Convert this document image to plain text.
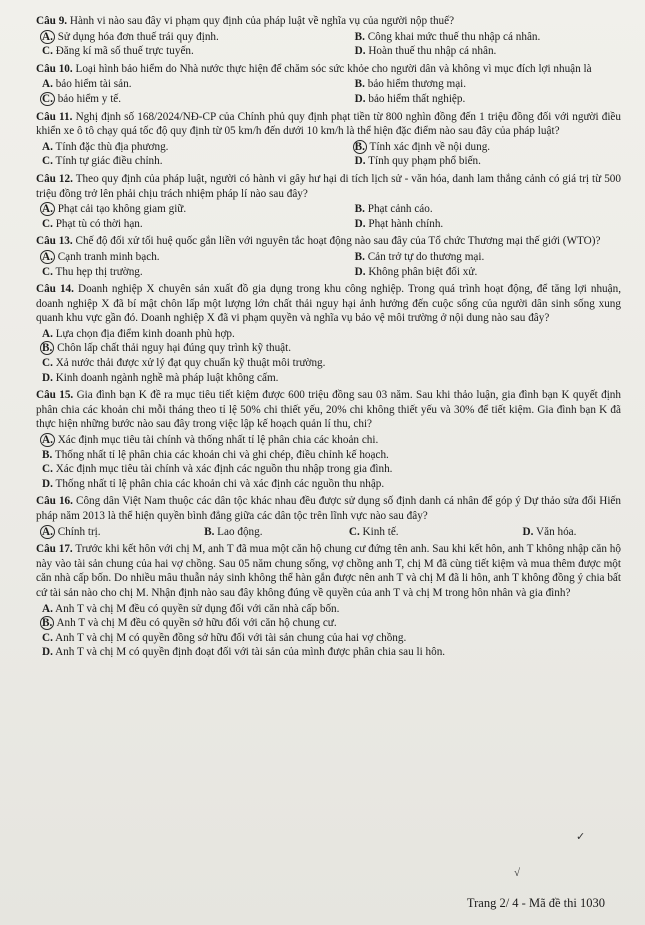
Câu 9. Hành vi nào sau đây vi phạm quy định của pháp luật về nghĩa vụ của người nộp thuế?
A. Sử dụng hóa đơn thuế trái quy định.	B. Công khai mức thuế thu nhập cá nhân.
C. Đăng kí mã số thuế trực tuyến.	D. Hoàn thuế thu nhập cá nhân.
Câu 10. Loại hình bảo hiểm do Nhà nước thực hiện để chăm sóc sức khỏe cho người dân và không vì mục đích lợi nhuận là
A. bảo hiểm tài sản.	B. bảo hiểm thương mại.
C. bảo hiểm y tế.	D. bảo hiểm thất nghiệp.
Câu 11. Nghị định số 168/2024/NĐ-CP của Chính phủ quy định phạt tiền từ 800 nghìn đồng đến 1 triệu đồng đối với người điều khiển xe ô tô chạy quá tốc độ quy định từ 05 km/h đến dưới 10 km/h là thể hiện đặc điểm nào sau đây của pháp luật?
A. Tính đặc thù địa phương.	B. Tính xác định về nội dung.
C. Tính tự giác điều chỉnh.	D. Tính quy phạm phổ biến.
Câu 12. Theo quy định của pháp luật, người có hành vi gây hư hại di tích lịch sử - văn hóa, danh lam thắng cảnh có giá trị từ 500 triệu đồng trở lên phải chịu trách nhiệm pháp lí nào sau đây?
A. Phạt cải tạo không giam giữ.	B. Phạt cảnh cáo.
C. Phạt tù có thời hạn.	D. Phạt hành chính.
Câu 13. Chế độ đối xử tối huệ quốc gắn liền với nguyên tắc hoạt động nào sau đây của Tổ chức Thương mại thế giới (WTO)?
A. Cạnh tranh minh bạch.	B. Cản trở tự do thương mại.
C. Thu hẹp thị trường.	D. Không phân biệt đối xử.
Câu 14. Doanh nghiệp X chuyên sản xuất đồ gia dụng trong khu công nghiệp. Trong quá trình hoạt động, để tăng lợi nhuận, doanh nghiệp X đã bí mật chôn lấp một lượng lớn chất thải nguy hại ảnh hưởng đến cuộc sống của người dân sinh sống xung quanh khu vực gần đó. Doanh nghiệp X đã vi phạm quyền và nghĩa vụ bảo vệ môi trường ở nội dung nào sau đây?
A. Lựa chọn địa điểm kinh doanh phù hợp.
B. Chôn lấp chất thải nguy hại đúng quy trình kỹ thuật.
C. Xả nước thải được xử lý đạt quy chuẩn kỹ thuật môi trường.
D. Kinh doanh ngành nghề mà pháp luật không cấm.
Câu 15. Gia đình bạn K đề ra mục tiêu tiết kiệm được 600 triệu đồng sau 03 năm. Sau khi thảo luận, gia đình bạn K quyết định phân chia các khoản chi mỗi tháng theo tỉ lệ 50% chi thiết yếu, 20% chi không thiết yếu và 30% để tiết kiệm. Gia đình bạn K đã thực hiện những bước nào sau đây trong việc lập kế hoạch quản lí thu, chi?
A. Xác định mục tiêu tài chính và thống nhất tỉ lệ phân chia các khoản chi.
B. Thống nhất tỉ lệ phân chia các khoản chi và ghi chép, điều chỉnh kế hoạch.
C. Xác định mục tiêu tài chính và xác định các nguồn thu nhập trong gia đình.
D. Thống nhất tỉ lệ phân chia các khoản chi và xác định các nguồn thu nhập.
Câu 16. Công dân Việt Nam thuộc các dân tộc khác nhau đều được sử dụng số định danh cá nhân để góp ý Dự thảo sửa đổi Hiến pháp năm 2013 là thể hiện quyền bình đẳng giữa các dân tộc trên lĩnh vực nào sau đây?
A. Chính trị.	B. Lao động.	C. Kinh tế.	D. Văn hóa.
Câu 17. Trước khi kết hôn với chị M, anh T đã mua một căn hộ chung cư đứng tên anh. Sau khi kết hôn, anh T không nhập căn hộ này vào tài sản chung của hai vợ chồng. Sau 05 năm chung sống, vợ chồng anh T, chị M đã cùng tiết kiệm và mua thêm được một căn nhà cấp bốn. Do nhiều mâu thuẫn nảy sinh không thể hàn gắn được nên anh T và chị M đã li hôn, anh T không đồng ý chia bất cứ tài sản nào cho chị M. Nhận định nào sau đây không đúng về quyền của anh T và chị M trong hôn nhân và gia đình?
A. Anh T và chị M đều có quyền sử dụng đối với căn nhà cấp bốn.
B. Anh T và chị M đều có quyền sở hữu đối với căn hộ chung cư.
C. Anh T và chị M có quyền đồng sở hữu đối với tài sản chung của hai vợ chồng.
D. Anh T và chị M có quyền định đoạt đối với tài sản của mình được phân chia sau li hôn.
Trang 2/ 4 - Mã đề thi 1030
✓
√
